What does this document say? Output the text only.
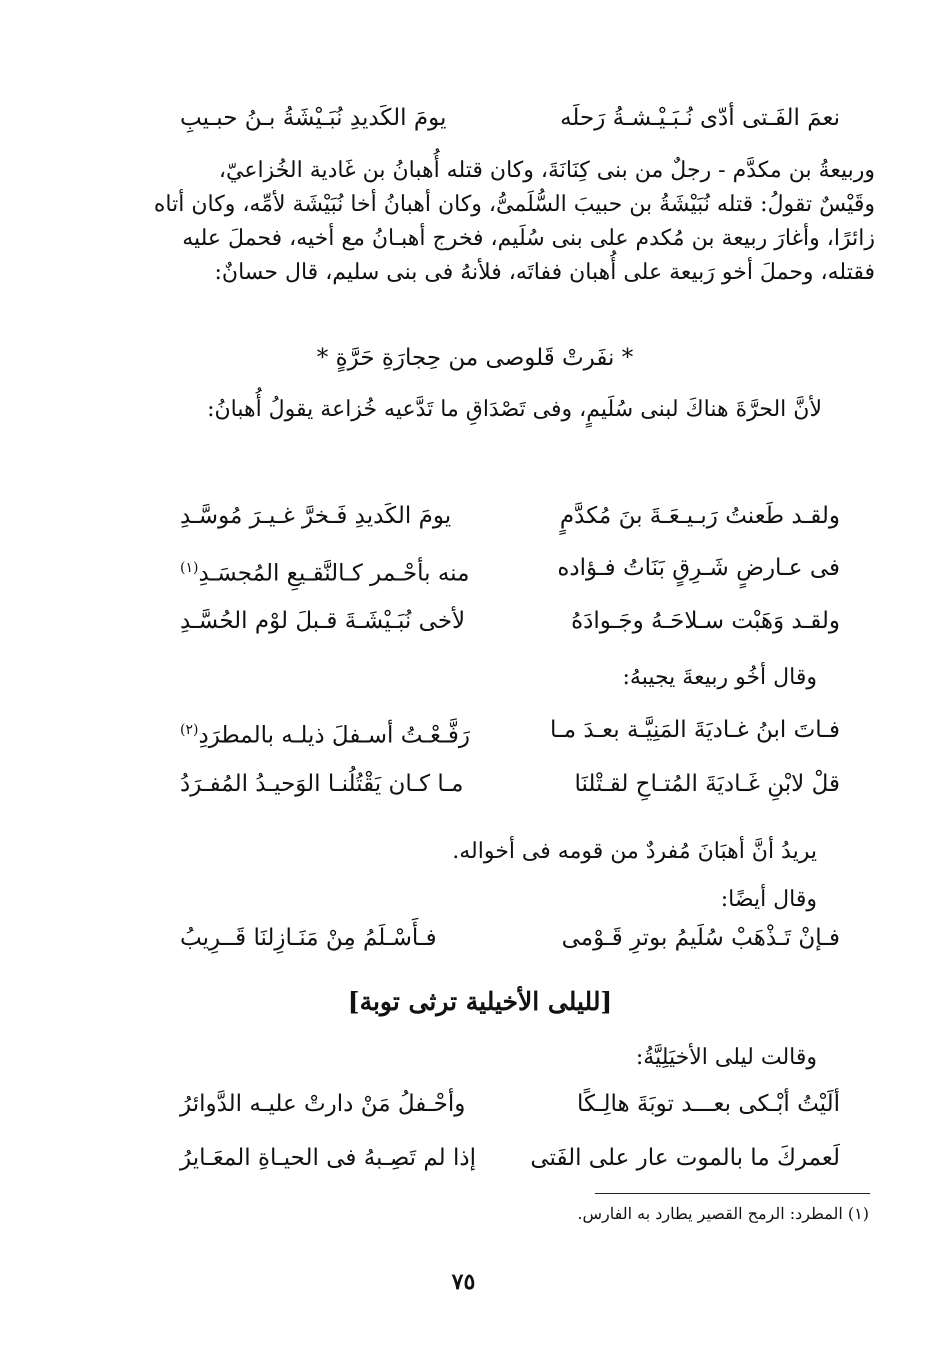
نعمَ الفَـتى أدّى نُـبَـيْـشـةُ رَحلَه
يومَ الكَديدِ نُبَـيْشَةُ بـنُ حبـيبِ
وربيعةُ بن مكدَّم - رجلٌ من بنى كِنَانَةَ، وكان قتله أُهبانُ بن غَادية الخُزاعيّ،
وقَيْسٌ تقولُ: قتله نُبَيْشَةُ بن حبيبَ السُّلَمىُّ، وكان أهبانُ أخا نُبَيْشَة لأمِّه، وكان أتاه
زائرًا، وأغارَ ربيعة بن مُكدم على بنى سُلَيم، فخرج أهبـانُ مع أخيه، فحملَ عليه
فقتله، وحملَ أخو رَبيعة على أُهبان ففاتَه، فلأنهُ فى بنى سليم، قال حسانٌ:
* نفَرتْ قَلوصى من حِجارَةِ حَرَّةٍ *
لأنَّ الحرَّةَ هناكَ لبنى سُلَيمٍ، وفى تَصْدَاقِ ما تَدَّعيه خُزاعة يقولُ أُهبانُ:
ولقـد طَعنتُ رَبـيـعَـةَ بنَ مُكدَّمٍ
يومَ الكَديدِ فَـخرَّ غـيـرَ مُوسَّـدِ
فى عـارضٍ شَـرِقٍ بَنَاتُ فـؤاده
منه بأحْـمر كـالنَّقـيعِ المُجسَـدِ$^{(١)}$
ولقـد وَهَبْت سـلاحَـهُ وجَـوادَهُ
لأخى نُبَـيْشَـةَ قـبلَ لوْم الحُسَّـدِ
وقال أخُو ربيعةَ يجيبهُ:
فـاتَ ابنُ غـاديَةَ المَنِيَّـة بعـدَ مـا
رَفَّـعْـتُ أسـفلَ ذيلـه بالمطرَدِ$^{(٢)}$
قلْ لابْنِ غَـاديَةَ المُتـاحِ لقـتْلنَا
مـا كـان يَقْتُلُنـا الوَحيـدُ المُفـرَدُ
يريدُ أنَّ أهبَانَ مُفردٌ من قومه فى أخواله.
وقال أيضًا:
فـإنْ تَـذْهَبْ سُلَيمُ بوترِ قَـوْمى
فـأَسْـلَمُ مِنْ مَنَـازِلنَا قَــرِيبُ
[لليلى الأخيلية ترثى توبة]
وقالت ليلى الأخيَلِيَّةُ:
ألَيْتُ أبْـكى بعـــد توبَةَ هالِـكًا
وأحْـفلُ مَنْ دارتْ عليـه الدَّوائرُ
لَعمركَ ما بالموت عار على الفَتى
إذا لم تَصِـبهُ فى الحيـاةِ المعَـايرُ
(١) المطرد: الرمح القصير يطارد به الفارس.
٧٥
